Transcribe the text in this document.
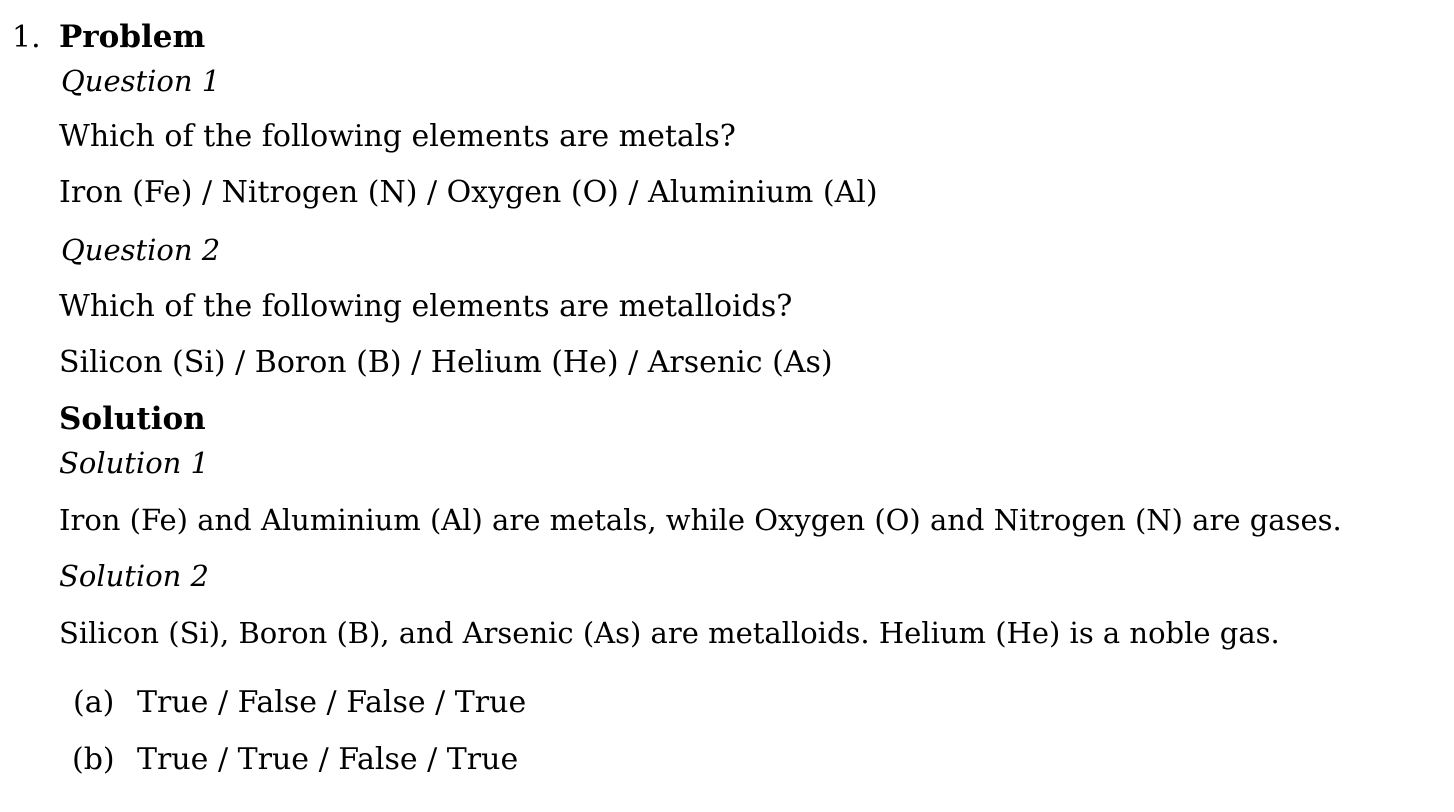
1. Problem
Question 1
Which of the following elements are metals?
Iron (Fe) / Nitrogen (N) / Oxygen (O) / Aluminium (Al)
Question 2
Which of the following elements are metalloids?
Silicon (Si) / Boron (B) / Helium (He) / Arsenic (As)
Solution
Solution 1
Iron (Fe) and Aluminium (Al) are metals, while Oxygen (O) and Nitrogen (N) are gases.
Solution 2
Silicon (Si), Boron (B), and Arsenic (As) are metalloids. Helium (He) is a noble gas.
(a) True / False / False / True
(b) True / True / False / True
